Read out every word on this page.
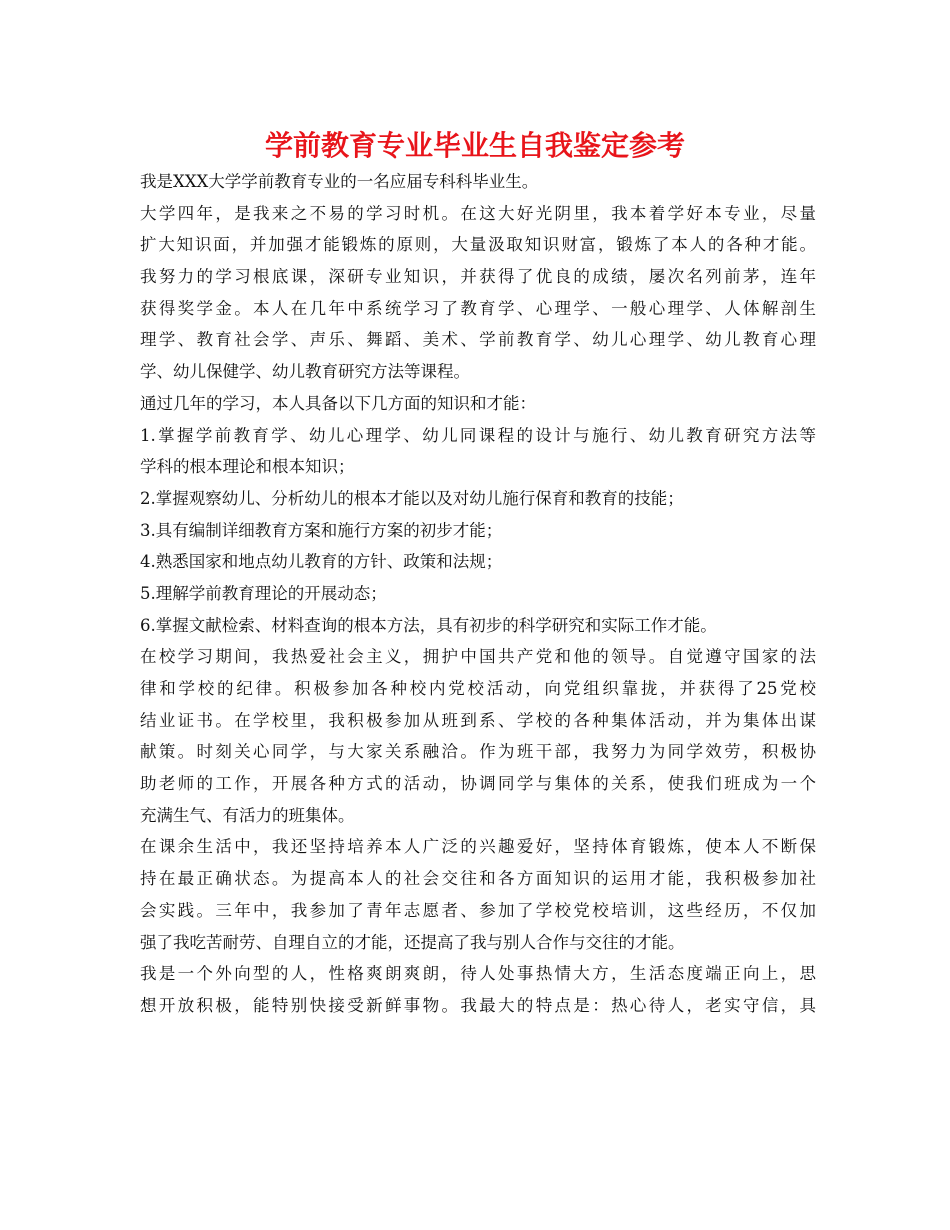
学前教育专业毕业生自我鉴定参考
我是XXX大学学前教育专业的一名应届专科科毕业生。
大学四年，是我来之不易的学习时机。在这大好光阴里，我本着学好本专业，尽量
扩大知识面，并加强才能锻炼的原则，大量汲取知识财富，锻炼了本人的各种才能。
我努力的学习根底课，深研专业知识，并获得了优良的成绩，屡次名列前茅，连年
获得奖学金。本人在几年中系统学习了教育学、心理学、一般心理学、人体解剖生
理学、教育社会学、声乐、舞蹈、美术、学前教育学、幼儿心理学、幼儿教育心理
学、幼儿保健学、幼儿教育研究方法等课程。
通过几年的学习，本人具备以下几方面的知识和才能：
1.掌握学前教育学、幼儿心理学、幼儿同课程的设计与施行、幼儿教育研究方法等
学科的根本理论和根本知识；
2.掌握观察幼儿、分析幼儿的根本才能以及对幼儿施行保育和教育的技能；
3.具有编制详细教育方案和施行方案的初步才能；
4.熟悉国家和地点幼儿教育的方针、政策和法规；
5.理解学前教育理论的开展动态；
6.掌握文献检索、材料查询的根本方法，具有初步的科学研究和实际工作才能。
在校学习期间，我热爱社会主义，拥护中国共产党和他的领导。自觉遵守国家的法
律和学校的纪律。积极参加各种校内党校活动，向党组织靠拢，并获得了25党校
结业证书。在学校里，我积极参加从班到系、学校的各种集体活动，并为集体出谋
献策。时刻关心同学，与大家关系融洽。作为班干部，我努力为同学效劳，积极协
助老师的工作，开展各种方式的活动，协调同学与集体的关系，使我们班成为一个
充满生气、有活力的班集体。
在课余生活中，我还坚持培养本人广泛的兴趣爱好，坚持体育锻炼，使本人不断保
持在最正确状态。为提高本人的社会交往和各方面知识的运用才能，我积极参加社
会实践。三年中，我参加了青年志愿者、参加了学校党校培训，这些经历，不仅加
强了我吃苦耐劳、自理自立的才能，还提高了我与别人合作与交往的才能。
我是一个外向型的人，性格爽朗爽朗，待人处事热情大方，生活态度端正向上，思
想开放积极，能特别快接受新鲜事物。我最大的特点是：热心待人，老实守信，具
